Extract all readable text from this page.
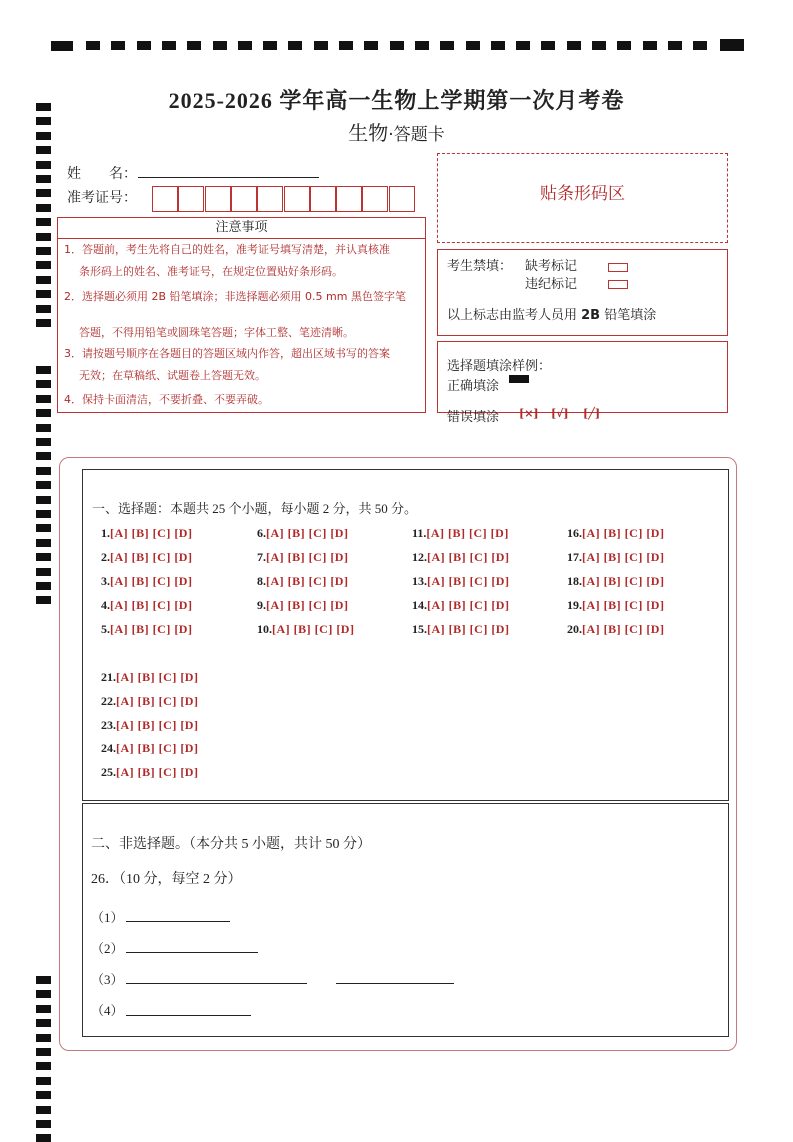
2025-2026 学年高一生物上学期第一次月考卷
生物·答题卡
姓　　名：
准考证号：
注意事项
1．答题前，考生先将自己的姓名，准考证号填写清楚，并认真核准
条形码上的姓名、准考证号，在规定位置贴好条形码。
2．选择题必须用 2B 铅笔填涂；非选择题必须用 0.5 mm 黑色签字笔
答题，不得用铅笔或圆珠笔答题；字体工整、笔迹清晰。
3．请按题号顺序在各题目的答题区域内作答，超出区域书写的答案
无效；在草稿纸、试题卷上答题无效。
4．保持卡面清洁，不要折叠、不要弄破。
贴条形码区
考生禁填： 缺考标记
违纪标记
以上标志由监考人员用 2B 铅笔填涂
选择题填涂样例：
正确填涂
错误填涂 [×] [√] [╱]
一、选择题：本题共 25 个小题，每小题 2 分，共 50 分。
1.[A] [B] [C] [D]
2.[A] [B] [C] [D]
3.[A] [B] [C] [D]
4.[A] [B] [C] [D]
5.[A] [B] [C] [D]
6.[A] [B] [C] [D]
7.[A] [B] [C] [D]
8.[A] [B] [C] [D]
9.[A] [B] [C] [D]
10.[A] [B] [C] [D]
11.[A] [B] [C] [D]
12.[A] [B] [C] [D]
13.[A] [B] [C] [D]
14.[A] [B] [C] [D]
15.[A] [B] [C] [D]
16.[A] [B] [C] [D]
17.[A] [B] [C] [D]
18.[A] [B] [C] [D]
19.[A] [B] [C] [D]
20.[A] [B] [C] [D]
21.[A] [B] [C] [D]
22.[A] [B] [C] [D]
23.[A] [B] [C] [D]
24.[A] [B] [C] [D]
25.[A] [B] [C] [D]
二、非选择题。（本分共 5 小题，共计 50 分）
26．（10 分，每空 2 分）
（1）
（2）
（3）
（4）
